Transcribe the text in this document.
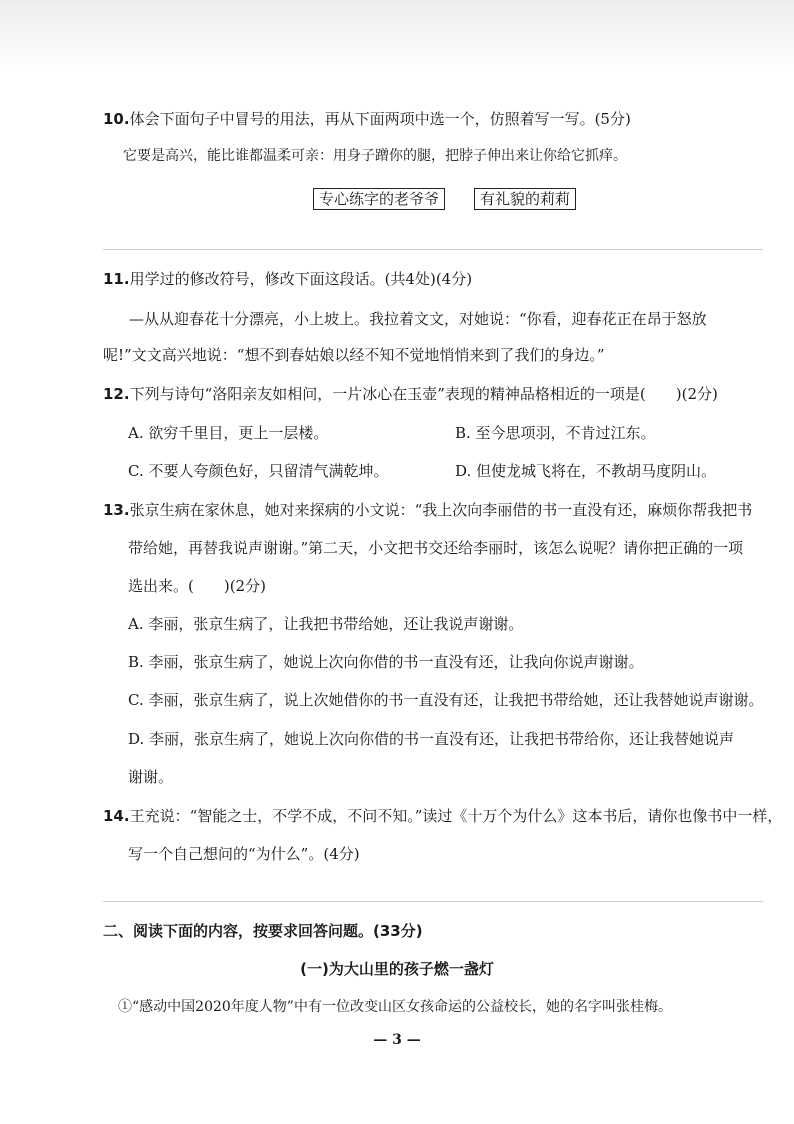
10.体会下面句子中冒号的用法，再从下面两项中选一个，仿照着写一写。(5分)
它要是高兴，能比谁都温柔可亲：用身子蹭你的腿，把脖子伸出来让你给它抓痒。
专心练字的老爷爷	有礼貌的莉莉
11.用学过的修改符号，修改下面这段话。(共4处)(4分)
—从从迎春花十分漂亮，小上坡上。我拉着文文，对她说：“你看，迎春花正在昂于怒放
呢!”文文高兴地说：“想不到春姑娘以经不知不觉地悄悄来到了我们的身边。”
12.下列与诗句“洛阳亲友如相问，一片冰心在玉壶”表现的精神品格相近的一项是(　　)(2分)
A. 欲穷千里目，更上一层楼。	B. 至今思项羽，不肯过江东。
C. 不要人夸颜色好，只留清气满乾坤。	D. 但使龙城飞将在，不教胡马度阴山。
13.张京生病在家休息，她对来探病的小文说：“我上次向李丽借的书一直没有还，麻烦你帮我把书
带给她，再替我说声谢谢。”第二天，小文把书交还给李丽时，该怎么说呢？请你把正确的一项
选出来。(　　)(2分)
A. 李丽，张京生病了，让我把书带给她，还让我说声谢谢。
B. 李丽，张京生病了，她说上次向你借的书一直没有还，让我向你说声谢谢。
C. 李丽，张京生病了，说上次她借你的书一直没有还，让我把书带给她，还让我替她说声谢谢。
D. 李丽，张京生病了，她说上次向你借的书一直没有还，让我把书带给你，还让我替她说声
谢谢。
14.王充说：“智能之士，不学不成，不问不知。”读过《十万个为什么》这本书后，请你也像书中一样，
写一个自己想问的“为什么”。(4分)
二、阅读下面的内容，按要求回答问题。(33分)
(一)为大山里的孩子燃一盏灯
①“感动中国2020年度人物”中有一位改变山区女孩命运的公益校长，她的名字叫张桂梅。
— 3 —
